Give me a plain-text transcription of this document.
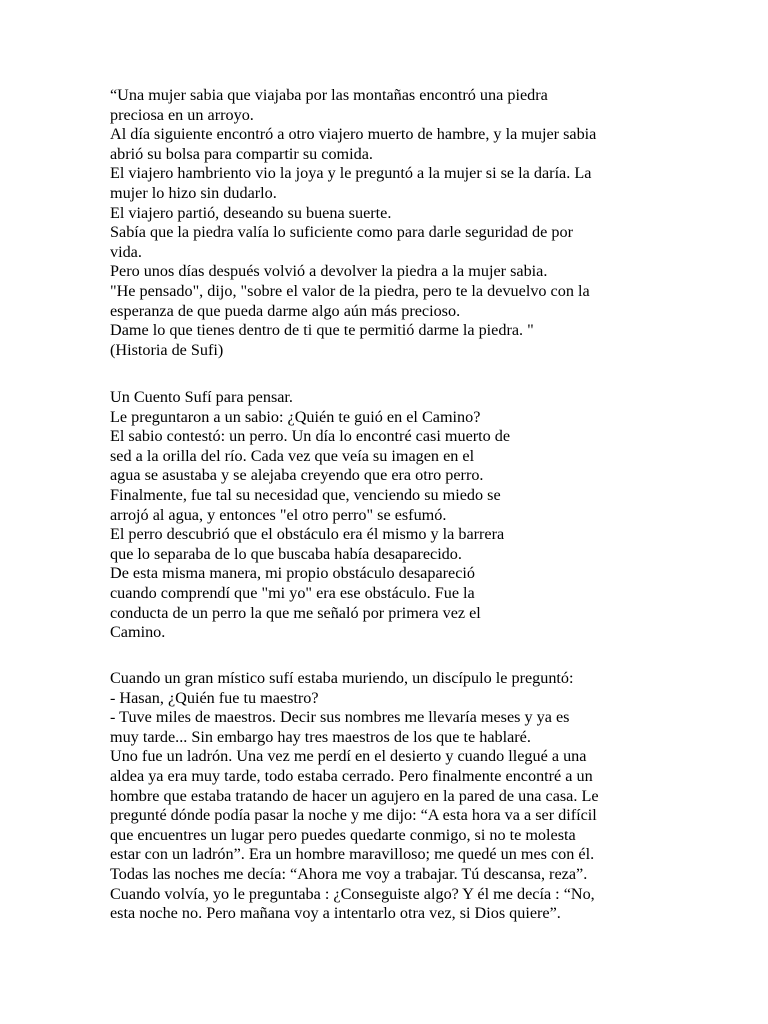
“Una mujer sabia que viajaba por las montañas encontró una piedra
preciosa en un arroyo.
Al día siguiente encontró a otro viajero muerto de hambre, y la mujer sabia
abrió su bolsa para compartir su comida.
El viajero hambriento vio la joya y le preguntó a la mujer si se la daría. La
mujer lo hizo sin dudarlo.
El viajero partió, deseando su buena suerte.
Sabía que la piedra valía lo suficiente como para darle seguridad de por
vida.
Pero unos días después volvió a devolver la piedra a la mujer sabia.
"He pensado", dijo, "sobre el valor de la piedra, pero te la devuelvo con la
esperanza de que pueda darme algo aún más precioso.
Dame lo que tienes dentro de ti que te permitió darme la piedra. "
(Historia de Sufi)
Un Cuento Sufí para pensar.
Le preguntaron a un sabio: ¿Quién te guió en el Camino?
El sabio contestó: un perro. Un día lo encontré casi muerto de
sed a la orilla del río. Cada vez que veía su imagen en el
agua se asustaba y se alejaba creyendo que era otro perro.
Finalmente, fue tal su necesidad que, venciendo su miedo se
arrojó al agua, y entonces "el otro perro" se esfumó.
El perro descubrió que el obstáculo era él mismo y la barrera
que lo separaba de lo que buscaba había desaparecido.
De esta misma manera, mi propio obstáculo desapareció
cuando comprendí que "mi yo" era ese obstáculo. Fue la
conducta de un perro la que me señaló por primera vez el
Camino.
Cuando un gran místico sufí estaba muriendo, un discípulo le preguntó:
- Hasan, ¿Quién fue tu maestro?
- Tuve miles de maestros. Decir sus nombres me llevaría meses y ya es
muy tarde... Sin embargo hay tres maestros de los que te hablaré.
Uno fue un ladrón. Una vez me perdí en el desierto y cuando llegué a una
aldea ya era muy tarde, todo estaba cerrado. Pero finalmente encontré a un
hombre que estaba tratando de hacer un agujero en la pared de una casa. Le
pregunté dónde podía pasar la noche y me dijo: “A esta hora va a ser difícil
que encuentres un lugar pero puedes quedarte conmigo, si no te molesta
estar con un ladrón”. Era un hombre maravilloso; me quedé un mes con él.
Todas las noches me decía: “Ahora me voy a trabajar. Tú descansa, reza”.
Cuando volvía, yo le preguntaba : ¿Conseguiste algo? Y él me decía : “No,
esta noche no. Pero mañana voy a intentarlo otra vez, si Dios quiere”.
